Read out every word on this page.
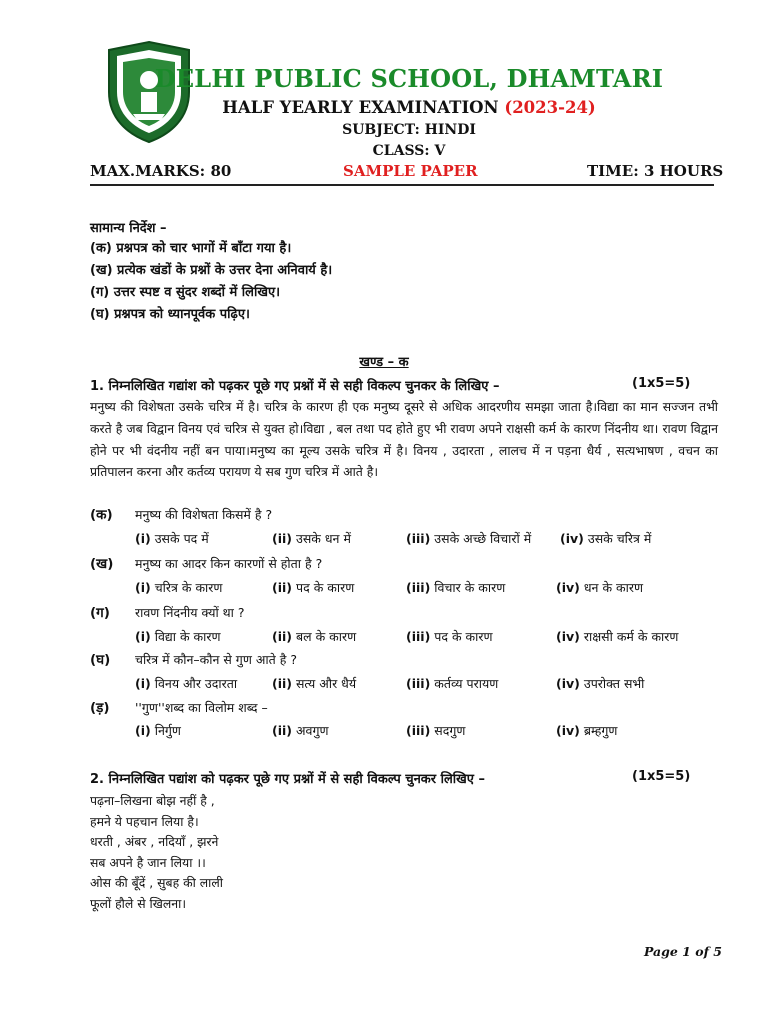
DELHI PUBLIC SCHOOL, DHAMTARI
HALF YEARLY EXAMINATION (2023-24)
SUBJECT: HINDI
CLASS: V
MAX.MARKS: 80	SAMPLE PAPER	TIME: 3 HOURS
सामान्य निर्देश –
(क) प्रश्नपत्र को चार भागों में बाँटा गया है।
(ख) प्रत्येक खंडों के प्रश्नों के उत्तर देना अनिवार्य है।
(ग) उत्तर स्पष्ट व सुंदर शब्दों में लिखिए।
(घ) प्रश्नपत्र को ध्यानपूर्वक पढ़िए।
खण्ड – क
1. निम्नलिखित गद्यांश को पढ़कर पूछे गए प्रश्नों में से सही विकल्प चुनकर के लिखिए –	(1x5=5)
मनुष्य की विशेषता उसके चरित्र में है। चरित्र के कारण ही एक मनुष्य दूसरे से अधिक आदरणीय समझा जाता है।विद्या का मान सज्जन तभी करते है जब विद्वान विनय एवं चरित्र से युक्त हो।विद्या , बल तथा पद होते हुए भी रावण अपने राक्षसी कर्म के कारण निंदनीय था। रावण विद्वान होने पर भी वंदनीय नहीं बन पाया।मनुष्य का मूल्य उसके चरित्र में है। विनय , उदारता , लालच में न पड़ना धैर्य , सत्यभाषण , वचन का प्रतिपालन करना और कर्तव्य परायण ये सब गुण चरित्र में आते है।
(क) मनुष्य की विशेषता किसमें है ?
(i) उसके पद में	(ii) उसके धन में	(iii) उसके अच्छे विचारों में (iv) उसके चरित्र में
(ख) मनुष्य का आदर किन कारणों से होता है ?
(i) चरित्र के कारण	(ii) पद के कारण	(iii) विचार के कारण	(iv) धन के कारण
(ग) रावण निंदनीय क्यों था ?
(i) विद्या के कारण	(ii) बल के कारण	(iii) पद के कारण	(iv) राक्षसी कर्म के कारण
(घ) चरित्र में कौन–कौन से गुण आते है ?
(i) विनय और उदारता	(ii) सत्य और धैर्य	(iii) कर्तव्य परायण	(iv) उपरोक्त सभी
(ड़) ''गुण''शब्द का विलोम शब्द –
(i) निर्गुण	(ii) अवगुण	(iii) सदगुण	(iv) ब्रम्हगुण
2. निम्नलिखित पद्यांश को पढ़कर पूछे गए प्रश्नों में से सही विकल्प चुनकर लिखिए –	(1x5=5)
पढ़ना–लिखना बोझ नहीं है ,
हमने ये पहचान लिया है।
धरती , अंबर , नदियाँ , झरने
सब अपने है जान लिया ।।
ओस की बूँदें , सुबह की लाली
फूलों हौले से खिलना।
Page 1 of 5
